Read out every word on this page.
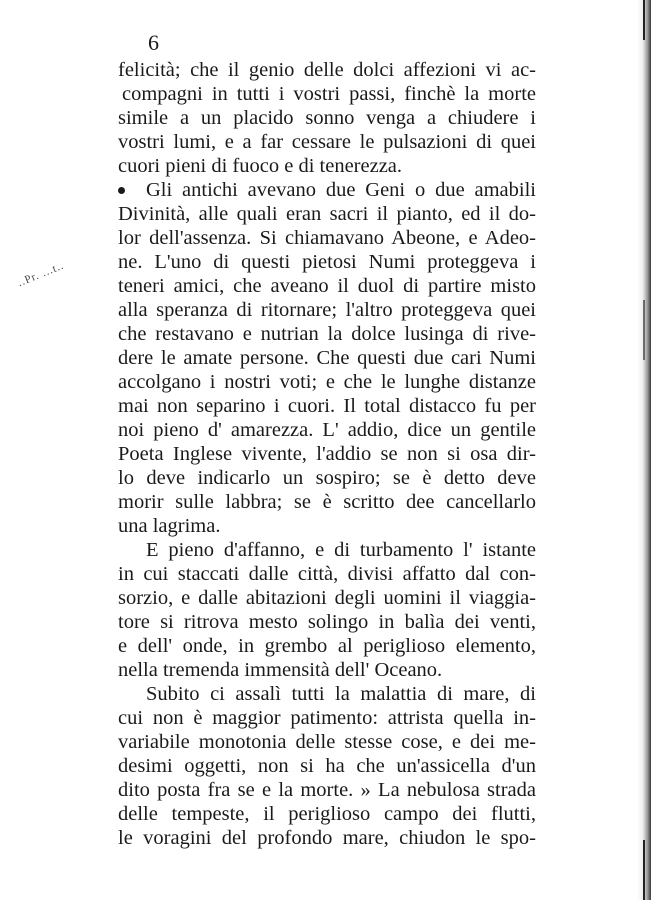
6
..Pr. ...t..
felicità; che il genio delle dolci affezioni vi ac-
compagni in tutti i vostri passi, finchè la morte
simile a un placido sonno venga a chiudere i
vostri lumi, e a far cessare le pulsazioni di quei
cuori pieni di fuoco e di tenerezza.
Gli antichi avevano due Geni o due amabili
Divinità, alle quali eran sacri il pianto, ed il do-
lor dell'assenza. Si chiamavano Abeone, e Adeo-
ne. L'uno di questi pietosi Numi proteggeva i
teneri amici, che aveano il duol di partire misto
alla speranza di ritornare; l'altro proteggeva quei
che restavano e nutrian la dolce lusinga di rive-
dere le amate persone. Che questi due cari Numi
accolgano i nostri voti; e che le lunghe distanze
mai non separino i cuori. Il total distacco fu per
noi pieno d' amarezza. L' addio, dice un gentile
Poeta Inglese vivente, l'addio se non si osa dir-
lo deve indicarlo un sospiro; se è detto deve
morir sulle labbra; se è scritto dee cancellarlo
una lagrima.
E pieno d'affanno, e di turbamento l' istante
in cui staccati dalle città, divisi affatto dal con-
sorzio, e dalle abitazioni degli uomini il viaggia-
tore si ritrova mesto solingo in balìa dei venti,
e dell' onde, in grembo al periglioso elemento,
nella tremenda immensità dell' Oceano.
Subito ci assalì tutti la malattia di mare, di
cui non è maggior patimento: attrista quella in-
variabile monotonia delle stesse cose, e dei me-
desimi oggetti, non si ha che un'assicella d'un
dito posta fra se e la morte. » La nebulosa strada
delle tempeste, il periglioso campo dei flutti,
le voragini del profondo mare, chiudon le spo-
